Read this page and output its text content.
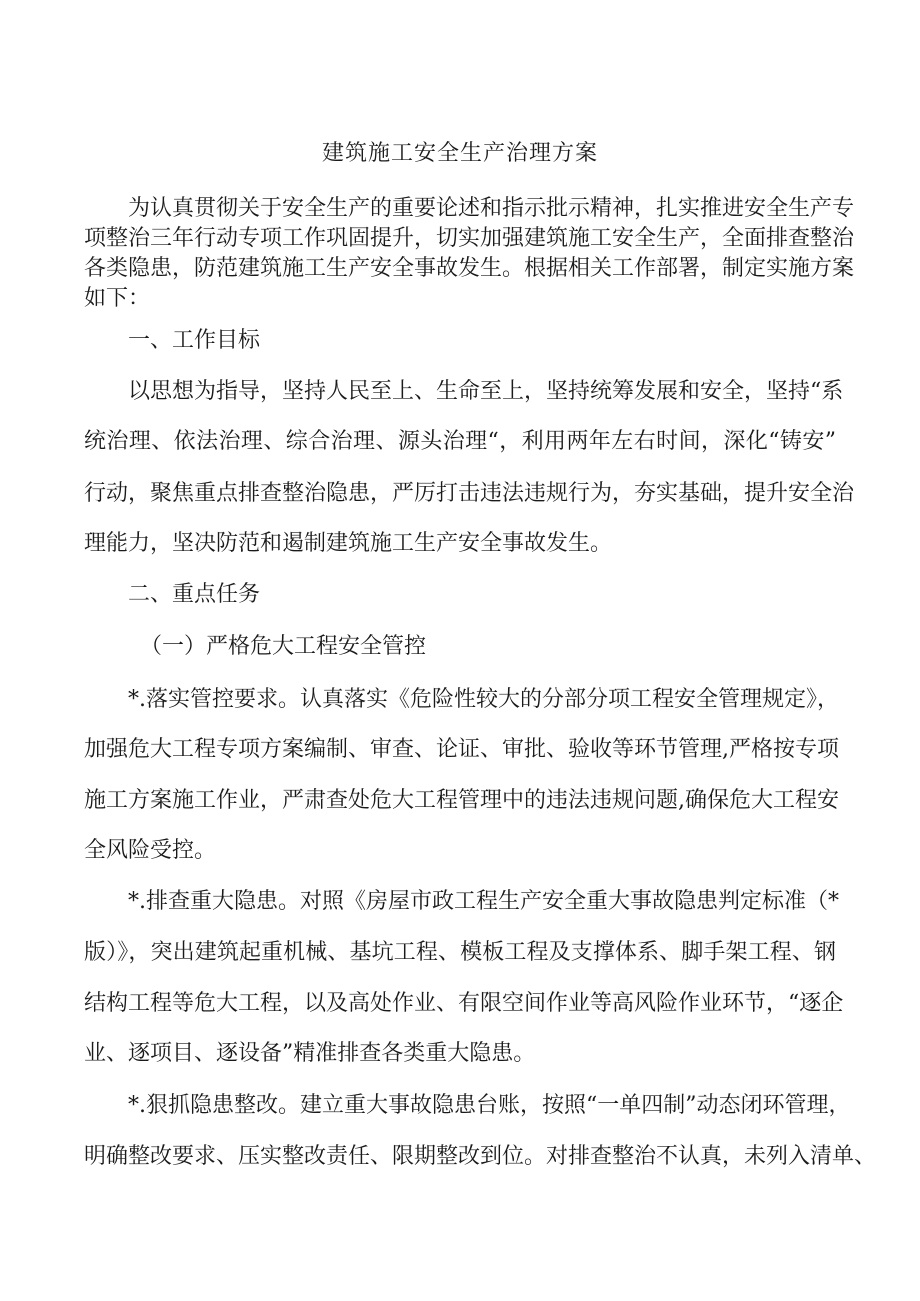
建筑施工安全生产治理方案
为认真贯彻关于安全生产的重要论述和指示批示精神，扎实推进安全生产专
项整治三年行动专项工作巩固提升，切实加强建筑施工安全生产，全面排查整治
各类隐患，防范建筑施工生产安全事故发生。根据相关工作部署，制定实施方案
如下：
一、工作目标
以思想为指导，坚持人民至上、生命至上，坚持统筹发展和安全，坚持“系
统治理、依法治理、综合治理、源头治理“，利用两年左右时间，深化“铸安”
行动，聚焦重点排查整治隐患，严厉打击违法违规行为，夯实基础，提升安全治
理能力，坚决防范和遏制建筑施工生产安全事故发生。
二、重点任务
（一）严格危大工程安全管控
*.落实管控要求。认真落实《危险性较大的分部分项工程安全管理规定》，
加强危大工程专项方案编制、审查、论证、审批、验收等环节管理,严格按专项
施工方案施工作业，严肃查处危大工程管理中的违法违规问题,确保危大工程安
全风险受控。
*.排查重大隐患。对照《房屋市政工程生产安全重大事故隐患判定标准（*
版）》，突出建筑起重机械、基坑工程、模板工程及支撑体系、脚手架工程、钢
结构工程等危大工程，以及高处作业、有限空间作业等高风险作业环节，“逐企
业、逐项目、逐设备”精准排查各类重大隐患。
*.狠抓隐患整改。建立重大事故隐患台账，按照“一单四制”动态闭环管理，
明确整改要求、压实整改责任、限期整改到位。对排查整治不认真，未列入清单、
